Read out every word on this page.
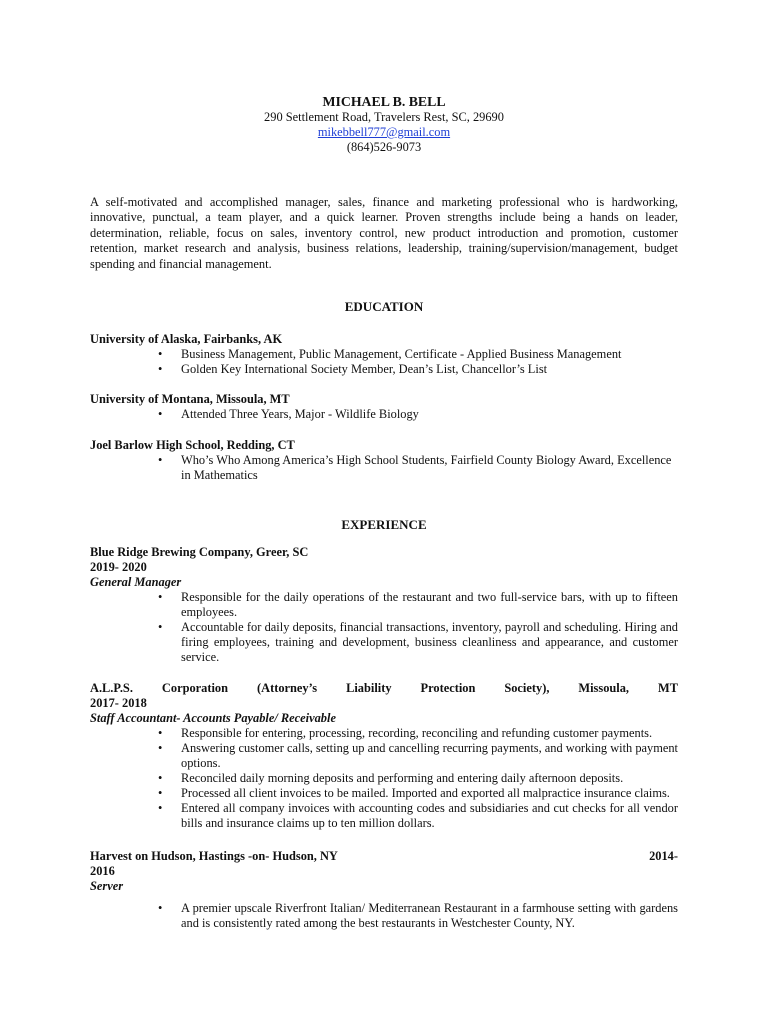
MICHAEL B. BELL
290 Settlement Road, Travelers Rest, SC, 29690
mikebbell777@gmail.com
(864)526-9073
A self-motivated and accomplished manager, sales, finance and marketing professional who is hardworking, innovative, punctual, a team player, and a quick learner. Proven strengths include being a hands on leader, determination, reliable, focus on sales, inventory control, new product introduction and promotion, customer retention, market research and analysis, business relations, leadership, training/supervision/management, budget spending and financial management.
EDUCATION
University of Alaska, Fairbanks, AK
• Business Management, Public Management, Certificate - Applied Business Management
• Golden Key International Society Member, Dean’s List, Chancellor’s List
University of Montana, Missoula, MT
• Attended Three Years, Major - Wildlife Biology
Joel Barlow High School, Redding, CT
• Who’s Who Among America’s High School Students, Fairfield County Biology Award, Excellence in Mathematics
EXPERIENCE
Blue Ridge Brewing Company, Greer, SC
2019- 2020
General Manager
• Responsible for the daily operations of the restaurant and two full-service bars, with up to fifteen employees.
• Accountable for daily deposits, financial transactions, inventory, payroll and scheduling. Hiring and firing employees, training and development, business cleanliness and appearance, and customer service.
A.L.P.S. Corporation (Attorney’s Liability Protection Society), Missoula, MT
2017- 2018
Staff Accountant- Accounts Payable/ Receivable
• Responsible for entering, processing, recording, reconciling and refunding customer payments.
• Answering customer calls, setting up and cancelling recurring payments, and working with payment options.
• Reconciled daily morning deposits and performing and entering daily afternoon deposits.
• Processed all client invoices to be mailed. Imported and exported all malpractice insurance claims.
• Entered all company invoices with accounting codes and subsidiaries and cut checks for all vendor bills and insurance claims up to ten million dollars.
Harvest on Hudson, Hastings -on- Hudson, NY	2014-
2016
Server
• A premier upscale Riverfront Italian/ Mediterranean Restaurant in a farmhouse setting with gardens and is consistently rated among the best restaurants in Westchester County, NY.
